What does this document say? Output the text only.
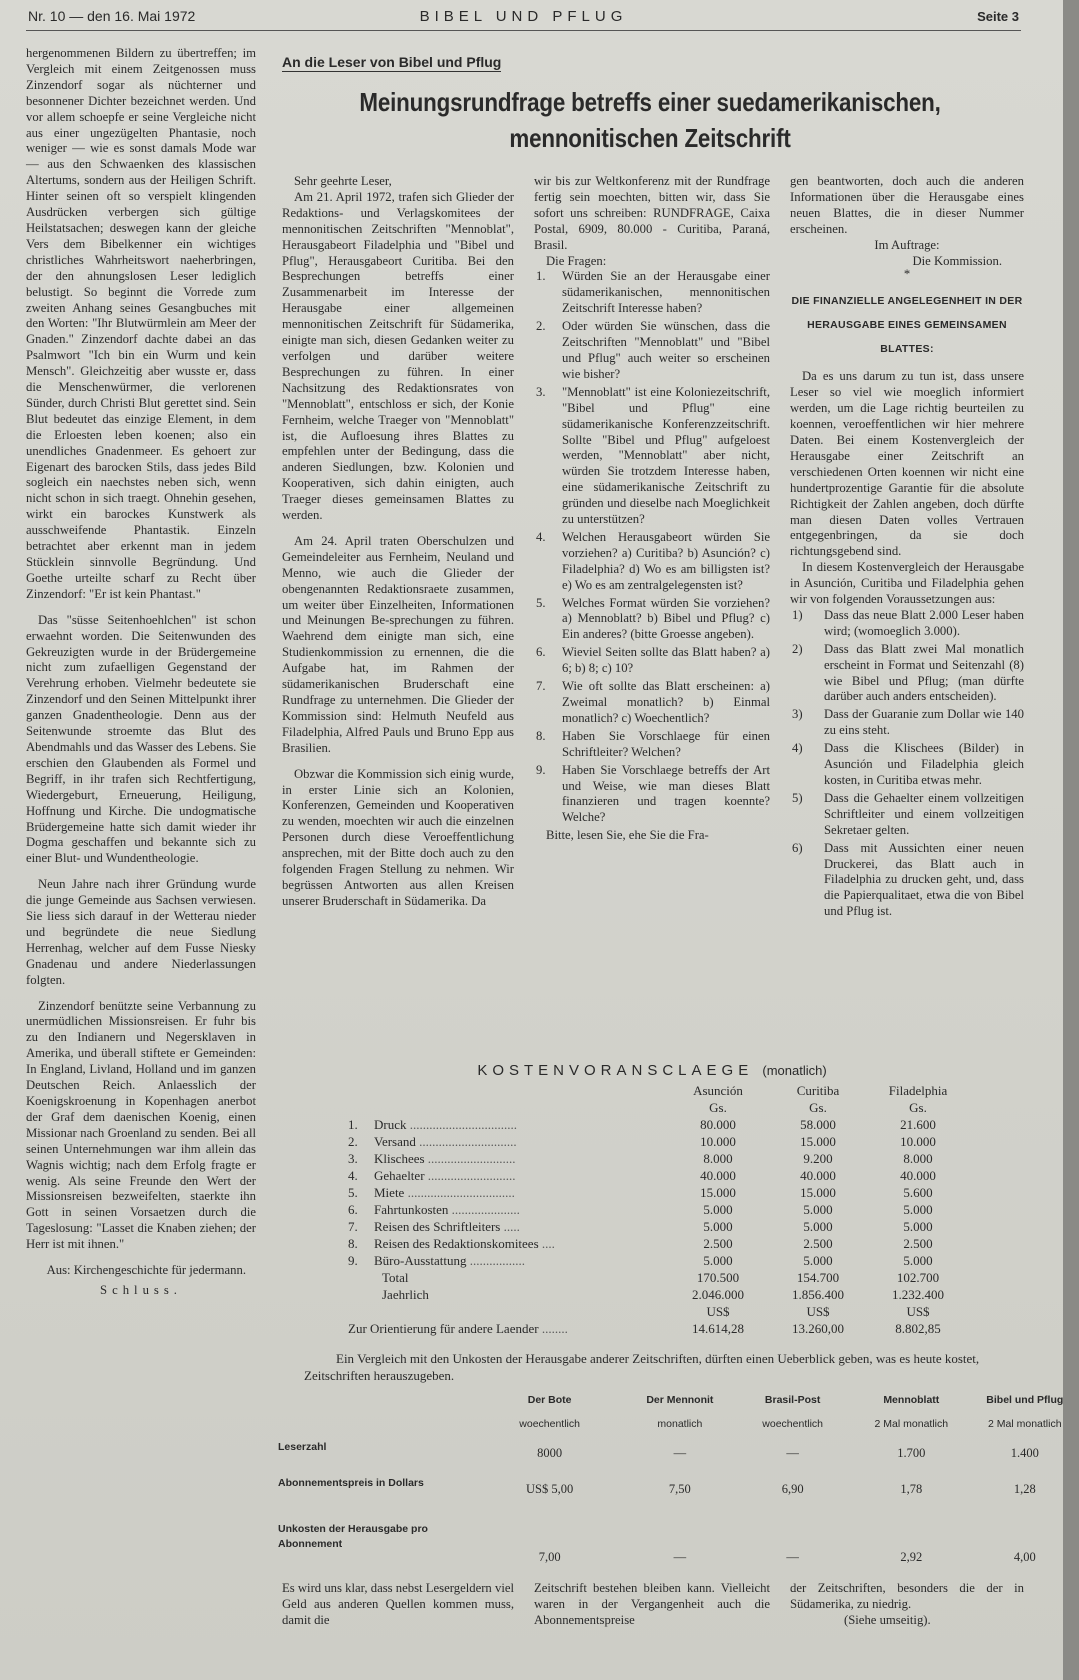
Nr. 10 — den 16. Mai 1972	BIBEL UND PFLUG	Seite 3

hergenommenen Bildern zu übertreffen; im Vergleich mit einem Zeitgenossen muss Zinzendorf sogar als nüchterner und besonnener Dichter bezeichnet werden. Und vor allem schoepfe er seine Vergleiche nicht aus einer ungezügelten Phantasie, noch weniger — wie es sonst damals Mode war — aus den Schwaenken des klassischen Altertums, sondern aus der Heiligen Schrift. Hinter seinen oft so verspielt klingenden Ausdrücken verbergen sich gültige Heilstatsachen; deswegen kann der gleiche Vers dem Bibelkenner ein wichtiges christliches Wahrheitswort naeherbringen, der den ahnungslosen Leser lediglich belustigt. So beginnt die Vorrede zum zweiten Anhang seines Gesangbuches mit den Worten: "Ihr Blutwürmlein am Meer der Gnaden." Zinzendorf dachte dabei an das Psalmwort "Ich bin ein Wurm und kein Mensch". Gleichzeitig aber wusste er, dass die Menschenwürmer, die verlorenen Sünder, durch Christi Blut gerettet sind. Sein Blut bedeutet das einzige Element, in dem die Erloesten leben koenen; also ein unendliches Gnadenmeer. Es gehoert zur Eigenart des barocken Stils, dass jedes Bild sogleich ein naechstes neben sich, wenn nicht schon in sich traegt. Ohnehin gesehen, wirkt ein barockes Kunstwerk als ausschweifende Phantastik. Einzeln betrachtet aber erkennt man in jedem Stücklein sinnvolle Begründung. Und Goethe urteilte scharf zu Recht über Zinzendorf: "Er ist kein Phantast."

Das "süsse Seitenhoehlchen" ist schon erwaehnt worden. Die Seitenwunden des Gekreuzigten wurde in der Brüdergemeine nicht zum zufaelligen Gegenstand der Verehrung erhoben. Vielmehr bedeutete sie Zinzendorf und den Seinen Mittelpunkt ihrer ganzen Gnadentheologie. Denn aus der Seitenwunde stroemte das Blut des Abendmahls und das Wasser des Lebens. Sie erschien den Glaubenden als Formel und Begriff, in ihr trafen sich Rechtfertigung, Wiedergeburt, Erneuerung, Heiligung, Hoffnung und Kirche. Die undogmatische Brüdergemeine hatte sich damit wieder ihr Dogma geschaffen und bekannte sich zu einer Blut- und Wundentheologie.

Neun Jahre nach ihrer Gründung wurde die junge Gemeinde aus Sachsen verwiesen. Sie liess sich darauf in der Wetterau nieder und begründete die neue Siedlung Herrenhag, welcher auf dem Fusse Niesky Gnadenau und andere Niederlassungen folgten.

Zinzendorf benützte seine Verbannung zu unermüdlichen Missionsreisen. Er fuhr bis zu den Indianern und Negersklaven in Amerika, und überall stiftete er Gemeinden: In England, Livland, Holland und im ganzen Deutschen Reich. Anlaesslich der Koenigskroenung in Kopenhagen anerbot der Graf dem daenischen Koenig, einen Missionar nach Groenland zu senden. Bei all seinen Unternehmungen war ihm allein das Wagnis wichtig; nach dem Erfolg fragte er wenig. Als seine Freunde den Wert der Missionsreisen bezweifelten, staerkte ihn Gott in seinen Vorsaetzen durch die Tageslosung: "Lasset die Knaben ziehen; der Herr ist mit ihnen."

Aus: Kirchengeschichte für jedermann.
Schluss.
An die Leser von Bibel und Pflug
Meinungsrundfrage betreffs einer suedamerikanischen, mennonitischen Zeitschrift

Sehr geehrte Leser,

Am 21. April 1972, trafen sich Glieder der Redaktions- und Verlagskomitees der mennonitischen Zeitschriften "Mennoblat", Herausgabeort Filadelphia und "Bibel und Pflug", Herausgabeort Curitiba. Bei den Besprechungen betreffs einer Zusammenarbeit im Interesse der Herausgabe einer allgemeinen mennonitischen Zeitschrift für Südamerika, einigte man sich, diesen Gedanken weiter zu verfolgen und darüber weitere Besprechungen zu führen. In einer Nachsitzung des Redaktionsrates von "Mennoblatt", entschloss er sich, der Konie Fernheim, welche Traeger von "Mennoblatt" ist, die Aufloesung ihres Blattes zu empfehlen unter der Bedingung, dass die anderen Siedlungen, bzw. Kolonien und Kooperativen, sich dahin einigten, auch Traeger dieses gemeinsamen Blattes zu werden.

Am 24. April traten Oberschulzen und Gemeindeleiter aus Fernheim, Neuland und Menno, wie auch die Glieder der obengenannten Redaktionsraete zusammen, um weiter über Einzelheiten, Informationen und Meinungen Be-sprechungen zu führen. Waehrend dem einigte man sich, eine Studienkommission zu ernennen, die die Aufgabe hat, im Rahmen der südamerikanischen Bruderschaft eine Rundfrage zu unternehmen. Die Glieder der Kommission sind: Helmuth Neufeld aus Filadelphia, Alfred Pauls und Bruno Epp aus Brasilien.

Obzwar die Kommission sich einig wurde, in erster Linie sich an Kolonien, Konferenzen, Gemeinden und Kooperativen zu wenden, moechten wir auch die einzelnen Personen durch diese Veroeffentlichung ansprechen, mit der Bitte doch auch zu den folgenden Fragen Stellung zu nehmen. Wir begrüssen Antworten aus allen Kreisen unserer Bruderschaft in Südamerika. Da

wir bis zur Weltkonferenz mit der Rundfrage fertig sein moechten, bitten wir, dass Sie sofort uns schreiben: RUNDFRAGE, Caixa Postal, 6909, 80.000 - Curitiba, Paraná, Brasil.

Die Fragen:

1. Würden Sie an der Herausgabe einer südamerikanischen, mennonitischen Zeitschrift Interesse haben?
2. Oder würden Sie wünschen, dass die Zeitschriften "Mennoblatt" und "Bibel und Pflug" auch weiter so erscheinen wie bisher?
3. "Mennoblatt" ist eine Koloniezeitschrift, "Bibel und Pflug" eine südamerikanische Konferenzzeitschrift. Sollte "Bibel und Pflug" aufgeloest werden, "Mennoblatt" aber nicht, würden Sie trotzdem Interesse haben, eine südamerikanische Zeitschrift zu gründen und dieselbe nach Moeglichkeit zu unterstützen?
4. Welchen Herausgabeort würden Sie vorziehen? a) Curitiba? b) Asunción? c) Filadelphia? d) Wo es am billigsten ist? e) Wo es am zentralgelegensten ist?
5. Welches Format würden Sie vorziehen? a) Mennoblatt? b) Bibel und Pflug? c) Ein anderes? (bitte Groesse angeben).
6. Wieviel Seiten sollte das Blatt haben? a) 6; b) 8; c) 10?
7. Wie oft sollte das Blatt erscheinen: a) Zweimal monatlich? b) Einmal monatlich? c) Woechentlich?
8. Haben Sie Vorschlaege für einen Schriftleiter? Welchen?
9. Haben Sie Vorschlaege betreffs der Art und Weise, wie man dieses Blatt finanzieren und tragen koennte? Welche?

Bitte, lesen Sie, ehe Sie die Fra-

gen beantworten, doch auch die anderen Informationen über die Herausgabe eines neuen Blattes, die in dieser Nummer erscheinen.

Im Auftrage:
Die Kommission.
*
DIE FINANZIELLE ANGELEGENHEIT IN DER HERAUSGABE EINES GEMEINSAMEN BLATTES:

Da es uns darum zu tun ist, dass unsere Leser so viel wie moeglich informiert werden, um die Lage richtig beurteilen zu koennen, veroeffentlichen wir hier mehrere Daten. Bei einem Kostenvergleich der Herausgabe einer Zeitschrift an verschiedenen Orten koennen wir nicht eine hundertprozentige Garantie für die absolute Richtigkeit der Zahlen angeben, doch dürfte man diesen Daten volles Vertrauen entgegenbringen, da sie doch richtungsgebend sind.

In diesem Kostenvergleich der Herausgabe in Asunción, Curitiba und Filadelphia gehen wir von folgenden Voraussetzungen aus:

1) Dass das neue Blatt 2.000 Leser haben wird; (womoeglich 3.000).
2) Dass das Blatt zwei Mal monatlich erscheint in Format und Seitenzahl (8) wie Bibel und Pflug; (man dürfte darüber auch anders entscheiden).
3) Dass der Guaranie zum Dollar wie 140 zu eins steht.
4) Dass die Klischees (Bilder) in Asunción und Filadelphia gleich kosten, in Curitiba etwas mehr.
5) Dass die Gehaelter einem vollzeitigen Schriftleiter und einem vollzeitigen Sekretaer gelten.
6) Dass mit Aussichten einer neuen Druckerei, das Blatt auch in Filadelphia zu drucken geht, und, dass die Papierqualitaet, etwa die von Bibel und Pflug ist.
KOSTENVORANSCLAEGE (monatlich)
		Asunción	Curitiba	Filadelphia
		Gs.	Gs.	Gs.
1.	Druck .................................	80.000	58.000	21.600
2.	Versand ..............................	10.000	15.000	10.000
3.	Klischees ...........................	8.000	9.200	8.000
4.	Gehaelter ...........................	40.000	40.000	40.000
5.	Miete .................................	15.000	15.000	5.600
6.	Fahrtunkosten .....................	5.000	5.000	5.000
7.	Reisen des Schriftleiters .....	5.000	5.000	5.000
8.	Reisen des Redaktionskomitees ....	2.500	2.500	2.500
9.	Büro-Ausstattung .................	5.000	5.000	5.000
	Total	170.500	154.700	102.700
	Jaehrlich	2.046.000	1.856.400	1.232.400
		US$	US$	US$
Zur Orientierung für andere Laender ........		14.614,28	13.260,00	8.802,85
Ein Vergleich mit den Unkosten der Herausgabe anderer Zeitschriften, dürften einen Ueberblick geben, was es heute kostet, Zeitschriften herauszugeben.
	Der Bote	Der Mennonit	Brasil-Post	Mennoblatt	Bibel und Pflug
	woechentlich	monatlich	woechentlich	2 Mal monatlich	2 Mal monatlich
Leserzahl	8000	—	—	1.700	1.400
Abonnementspreis in Dollars	US$ 5,00	7,50	6,90	1,78	1,28
Unkosten der Herausgabe pro Abonnement	7,00	—	—	2,92	4,00
Es wird uns klar, dass nebst Lesergeldern viel Geld aus anderen Quellen kommen muss, damit die
Zeitschrift bestehen bleiben kann. Vielleicht waren in der Vergangenheit auch die Abonnementspreise
der Zeitschriften, besonders die der in Südamerika, zu niedrig.
(Siehe umseitig).
